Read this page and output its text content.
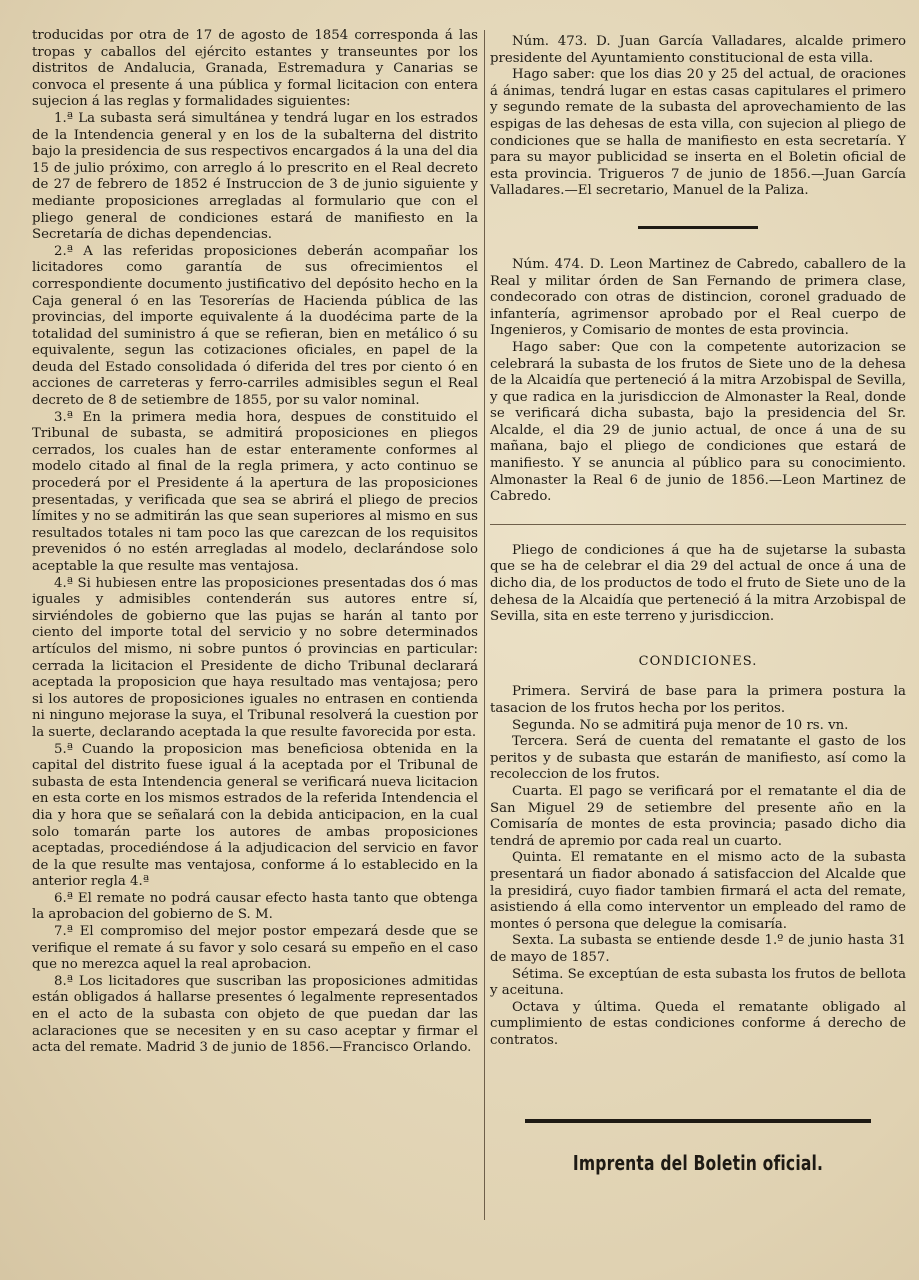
troducidas por otra de 17 de agosto de 1854 corresponda á las tropas y caballos del ejército estantes y transeuntes por los distritos de Andalucia, Granada, Estremadura y Canarias se convoca el presente á una pública y formal licitacion con entera sujecion á las reglas y formalidades siguientes:

1.ª La subasta será simultánea y tendrá lugar en los estrados de la Intendencia general y en los de la subalterna del distrito bajo la presidencia de sus respectivos encargados á la una del dia 15 de julio próximo, con arreglo á lo prescrito en el Real decreto de 27 de febrero de 1852 é Instruccion de 3 de junio siguiente y mediante proposiciones arregladas al formulario que con el pliego general de condiciones estará de manifiesto en la Secretaría de dichas dependencias.

2.ª A las referidas proposiciones deberán acompañar los licitadores como garantía de sus ofrecimientos el correspondiente documento justificativo del depósito hecho en la Caja general ó en las Tesorerías de Hacienda pública de las provincias, del importe equivalente á la duodécima parte de la totalidad del suministro á que se refieran, bien en metálico ó su equivalente, segun las cotizaciones oficiales, en papel de la deuda del Estado consolidada ó diferida del tres por ciento ó en acciones de carreteras y ferro-carriles admisibles segun el Real decreto de 8 de setiembre de 1855, por su valor nominal.

3.ª En la primera media hora, despues de constituido el Tribunal de subasta, se admitirá proposiciones en pliegos cerrados, los cuales han de estar enteramente conformes al modelo citado al final de la regla primera, y acto continuo se procederá por el Presidente á la apertura de las proposiciones presentadas, y verificada que sea se abrirá el pliego de precios límites y no se admitirán las que sean superiores al mismo en sus resultados totales ni tam poco las que carezcan de los requisitos prevenidos ó no estén arregladas al modelo, declarándose solo aceptable la que resulte mas ventajosa.

4.ª Si hubiesen entre las proposiciones presentadas dos ó mas iguales y admisibles contenderán sus autores entre sí, sirviéndoles de gobierno que las pujas se harán al tanto por ciento del importe total del servicio y no sobre determinados artículos del mismo, ni sobre puntos ó provincias en particular: cerrada la licitacion el Presidente de dicho Tribunal declarará aceptada la proposicion que haya resultado mas ventajosa; pero si los autores de proposiciones iguales no entrasen en contienda ni ninguno mejorase la suya, el Tribunal resolverá la cuestion por la suerte, declarando aceptada la que resulte favorecida por esta.

5.ª Cuando la proposicion mas beneficiosa obtenida en la capital del distrito fuese igual á la aceptada por el Tribunal de subasta de esta Intendencia general se verificará nueva licitacion en esta corte en los mismos estrados de la referida Intendencia el dia y hora que se señalará con la debida anticipacion, en la cual solo tomarán parte los autores de ambas proposiciones aceptadas, procediéndose á la adjudicacion del servicio en favor de la que resulte mas ventajosa, conforme á lo establecido en la anterior regla 4.ª

6.ª El remate no podrá causar efecto hasta tanto que obtenga la aprobacion del gobierno de S. M.

7.ª El compromiso del mejor postor empezará desde que se verifique el remate á su favor y solo cesará su empeño en el caso que no merezca aquel la real aprobacion.

8.ª Los licitadores que suscriban las proposiciones admitidas están obligados á hallarse presentes ó legalmente representados en el acto de la subasta con objeto de que puedan dar las aclaraciones que se necesiten y en su caso aceptar y firmar el acta del remate. Madrid 3 de junio de 1856.—Francisco Orlando.

Núm. 473. D. Juan García Valladares, alcalde primero presidente del Ayuntamiento constitucional de esta villa.

Hago saber: que los dias 20 y 25 del actual, de oraciones á ánimas, tendrá lugar en estas casas capitulares el primero y segundo remate de la subasta del aprovechamiento de las espigas de las dehesas de esta villa, con sujecion al pliego de condiciones que se halla de manifiesto en esta secretaría. Y para su mayor publicidad se inserta en el Boletin oficial de esta provincia. Trigueros 7 de junio de 1856.—Juan García Valladares.—El secretario, Manuel de la Paliza.

Núm. 474. D. Leon Martinez de Cabredo, caballero de la Real y militar órden de San Fernando de primera clase, condecorado con otras de distincion, coronel graduado de infantería, agrimensor aprobado por el Real cuerpo de Ingenieros, y Comisario de montes de esta provincia.

Hago saber: Que con la competente autorizacion se celebrará la subasta de los frutos de Siete uno de la dehesa de la Alcaidía que perteneció á la mitra Arzobispal de Sevilla, y que radica en la jurisdiccion de Almonaster la Real, donde se verificará dicha subasta, bajo la presidencia del Sr. Alcalde, el dia 29 de junio actual, de once á una de su mañana, bajo el pliego de condiciones que estará de manifiesto. Y se anuncia al público para su conocimiento. Almonaster la Real 6 de junio de 1856.—Leon Martinez de Cabredo.

Pliego de condiciones á que ha de sujetarse la subasta que se ha de celebrar el dia 29 del actual de once á una de dicho dia, de los productos de todo el fruto de Siete uno de la dehesa de la Alcaidía que perteneció á la mitra Arzobispal de Sevilla, sita en este terreno y jurisdiccion.

CONDICIONES.

Primera. Servirá de base para la primera postura la tasacion de los frutos hecha por los peritos.

Segunda. No se admitirá puja menor de 10 rs. vn.

Tercera. Será de cuenta del rematante el gasto de los peritos y de subasta que estarán de manifiesto, así como la recoleccion de los frutos.

Cuarta. El pago se verificará por el rematante el dia de San Miguel 29 de setiembre del presente año en la Comisaría de montes de esta provincia; pasado dicho dia tendrá de apremio por cada real un cuarto.

Quinta. El rematante en el mismo acto de la subasta presentará un fiador abonado á satisfaccion del Alcalde que la presidirá, cuyo fiador tambien firmará el acta del remate, asistiendo á ella como interventor un empleado del ramo de montes ó persona que delegue la comisaría.

Sexta. La subasta se entiende desde 1.º de junio hasta 31 de mayo de 1857.

Sétima. Se exceptúan de esta subasta los frutos de bellota y aceituna.

Octava y última. Queda el rematante obligado al cumplimiento de estas condiciones conforme á derecho de contratos.

Imprenta del Boletin oficial.
